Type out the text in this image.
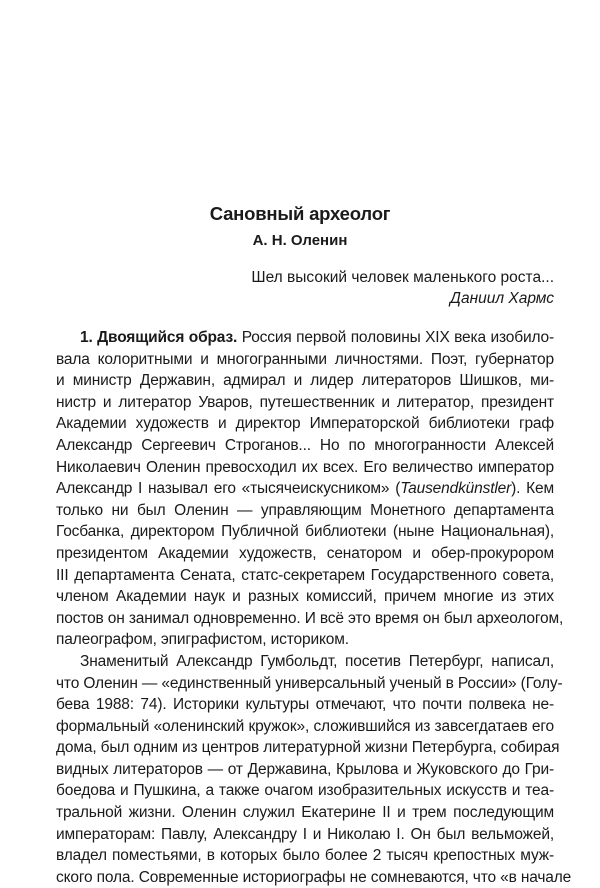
Сановный археолог
А. Н. Оленин
Шел высокий человек маленького роста...
Даниил Хармс
1. Двоящийся образ. Россия первой половины XIX века изобило-
вала колоритными и многогранными личностями. Поэт, губернатор
и министр Державин, адмирал и лидер литераторов Шишков, ми-
нистр и литератор Уваров, путешественник и литератор, президент
Академии художеств и директор Императорской библиотеки граф
Александр Сергеевич Строганов... Но по многогранности Алексей
Николаевич Оленин превосходил их всех. Его величество император
Александр I называл его «тысячеискусником» (Tausendkünstler). Кем
только ни был Оленин — управляющим Монетного департамента
Госбанка, директором Публичной библиотеки (ныне Национальная),
президентом Академии художеств, сенатором и обер-прокурором
III департамента Сената, статс-секретарем Государственного совета,
членом Академии наук и разных комиссий, причем многие из этих
постов он занимал одновременно. И всё это время он был археологом,
палеографом, эпиграфистом, историком.
Знаменитый Александр Гумбольдт, посетив Петербург, написал,
что Оленин — «единственный универсальный ученый в России» (Голу-
бева 1988: 74). Историки культуры отмечают, что почти полвека не-
формальный «оленинский кружок», сложившийся из завсегдатаев его
дома, был одним из центров литературной жизни Петербурга, собирая
видных литераторов — от Державина, Крылова и Жуковского до Гри-
боедова и Пушкина, а также очагом изобразительных искусств и теа-
тральной жизни. Оленин служил Екатерине II и трем последующим
императорам: Павлу, Александру I и Николаю I. Он был вельможей,
владел поместьями, в которых было более 2 тысяч крепостных муж-
ского пола. Современные историографы не сомневаются, что «в начале
